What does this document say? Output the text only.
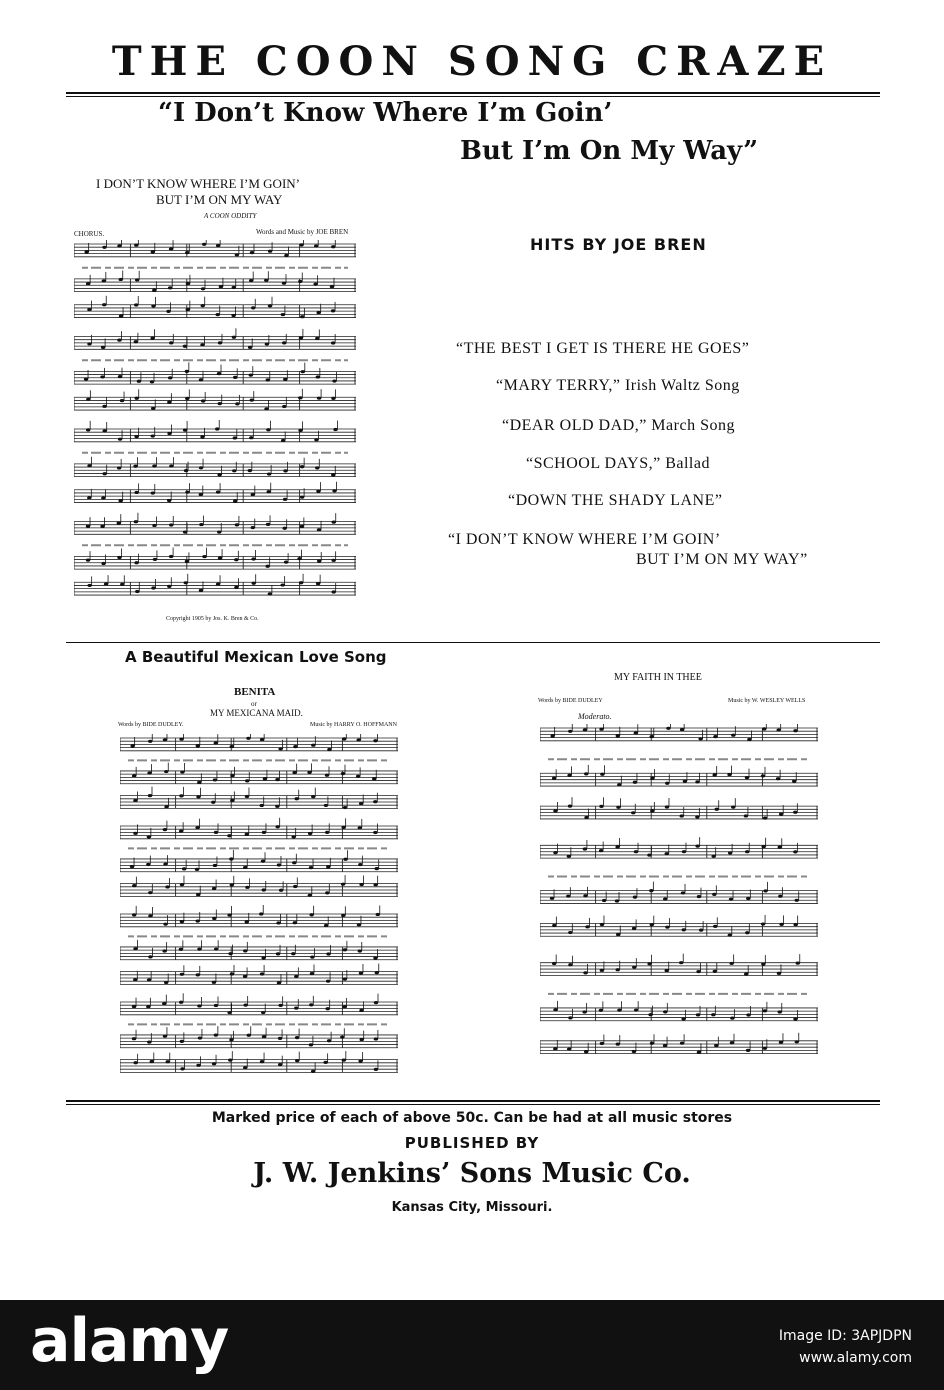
THE COON SONG CRAZE
“I Don’t Know Where I’m Goin’
But I’m On My Way”
I DON’T KNOW WHERE I’M GOIN’
BUT I’M ON MY WAY
A COON ODDITY
CHORUS.	Words and Music by JOE BREN
Copyright 1905 by Jos. K. Bren & Co.
HITS BY JOE BREN
“THE BEST I GET IS THERE HE GOES”
“MARY TERRY,” Irish Waltz Song
“DEAR OLD DAD,” March Song
“SCHOOL DAYS,” Ballad
“DOWN THE SHADY LANE”
“I DON’T KNOW WHERE I’M GOIN’
BUT I’M ON MY WAY”
A Beautiful Mexican Love Song
BENITA
or
MY MEXICANA MAID.
Words by BIDE DUDLEY.	Music by HARRY O. HOFFMANN
MY FAITH IN THEE
Words by BIDE DUDLEY	Music by W. WESLEY WELLS
Moderato.
Marked price of each of above 50c. Can be had at all music stores
PUBLISHED BY
J. W. Jenkins’ Sons Music Co.
Kansas City, Missouri.
alamy	Image ID: 3APJDPN
www.alamy.com
